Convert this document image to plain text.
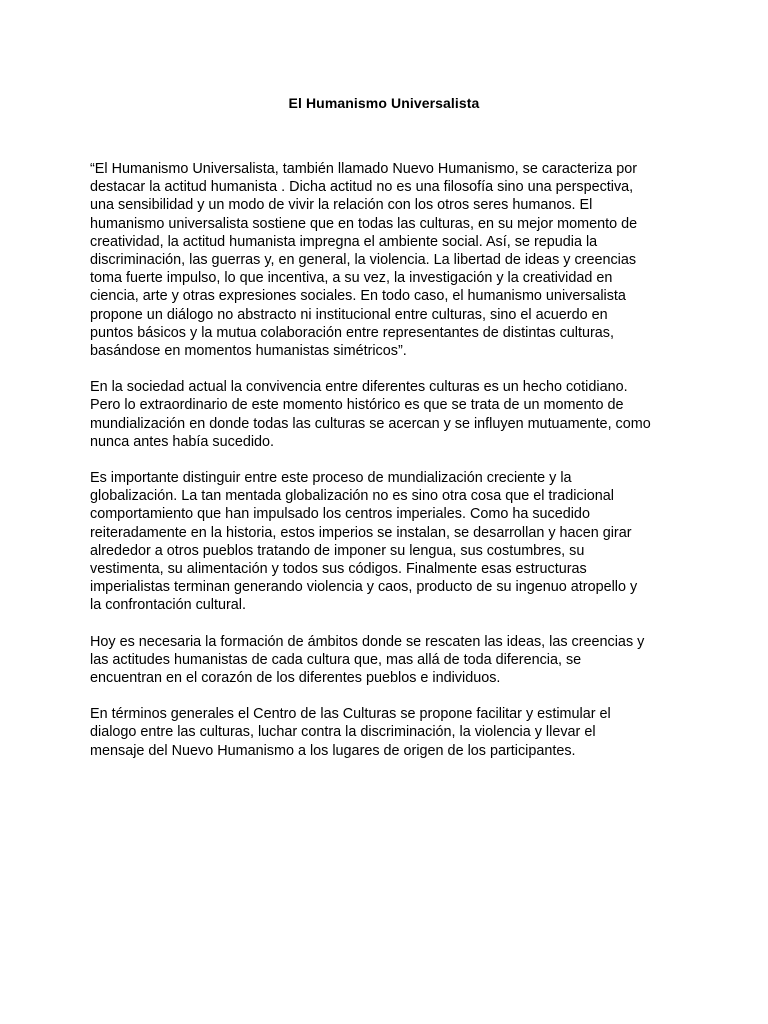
El Humanismo Universalista
“El Humanismo Universalista, también llamado Nuevo Humanismo, se caracteriza por
destacar la actitud humanista . Dicha actitud no es una filosofía sino una perspectiva,
una sensibilidad y un modo de vivir la relación con los otros seres humanos. El
humanismo universalista sostiene que en todas las culturas, en su mejor momento de
creatividad, la actitud humanista impregna el ambiente social. Así, se repudia la
discriminación, las guerras y, en general, la violencia. La libertad de ideas y creencias
toma fuerte impulso, lo que incentiva, a su vez, la investigación y la creatividad en
ciencia, arte y otras expresiones sociales. En todo caso, el humanismo universalista
propone un diálogo no abstracto ni institucional entre culturas, sino el acuerdo en
puntos básicos y la mutua colaboración entre representantes de distintas culturas,
basándose en momentos humanistas simétricos”.
En la sociedad actual la convivencia entre diferentes culturas es un hecho cotidiano.
Pero lo extraordinario de este momento histórico es que se trata de un momento de
mundialización en donde todas las culturas se acercan y se influyen mutuamente, como
nunca antes había sucedido.
Es importante distinguir entre este proceso de mundialización creciente y la
globalización. La tan mentada globalización no es sino otra cosa que el tradicional
comportamiento que han impulsado los centros imperiales. Como ha sucedido
reiteradamente en la historia, estos imperios se instalan, se desarrollan y hacen girar
alrededor a otros pueblos tratando de imponer su lengua, sus costumbres, su
vestimenta, su alimentación y todos sus códigos. Finalmente esas estructuras
imperialistas terminan generando violencia y caos, producto de su ingenuo atropello y
la confrontación cultural.
Hoy es necesaria la formación de ámbitos donde se rescaten las ideas, las creencias y
las actitudes humanistas de cada cultura que, mas allá de toda diferencia, se
encuentran en el corazón de los diferentes pueblos e individuos.
En términos generales el Centro de las Culturas se propone facilitar y estimular el
dialogo entre las culturas, luchar contra la discriminación, la violencia y llevar el
mensaje del Nuevo Humanismo a los lugares de origen de los participantes.
